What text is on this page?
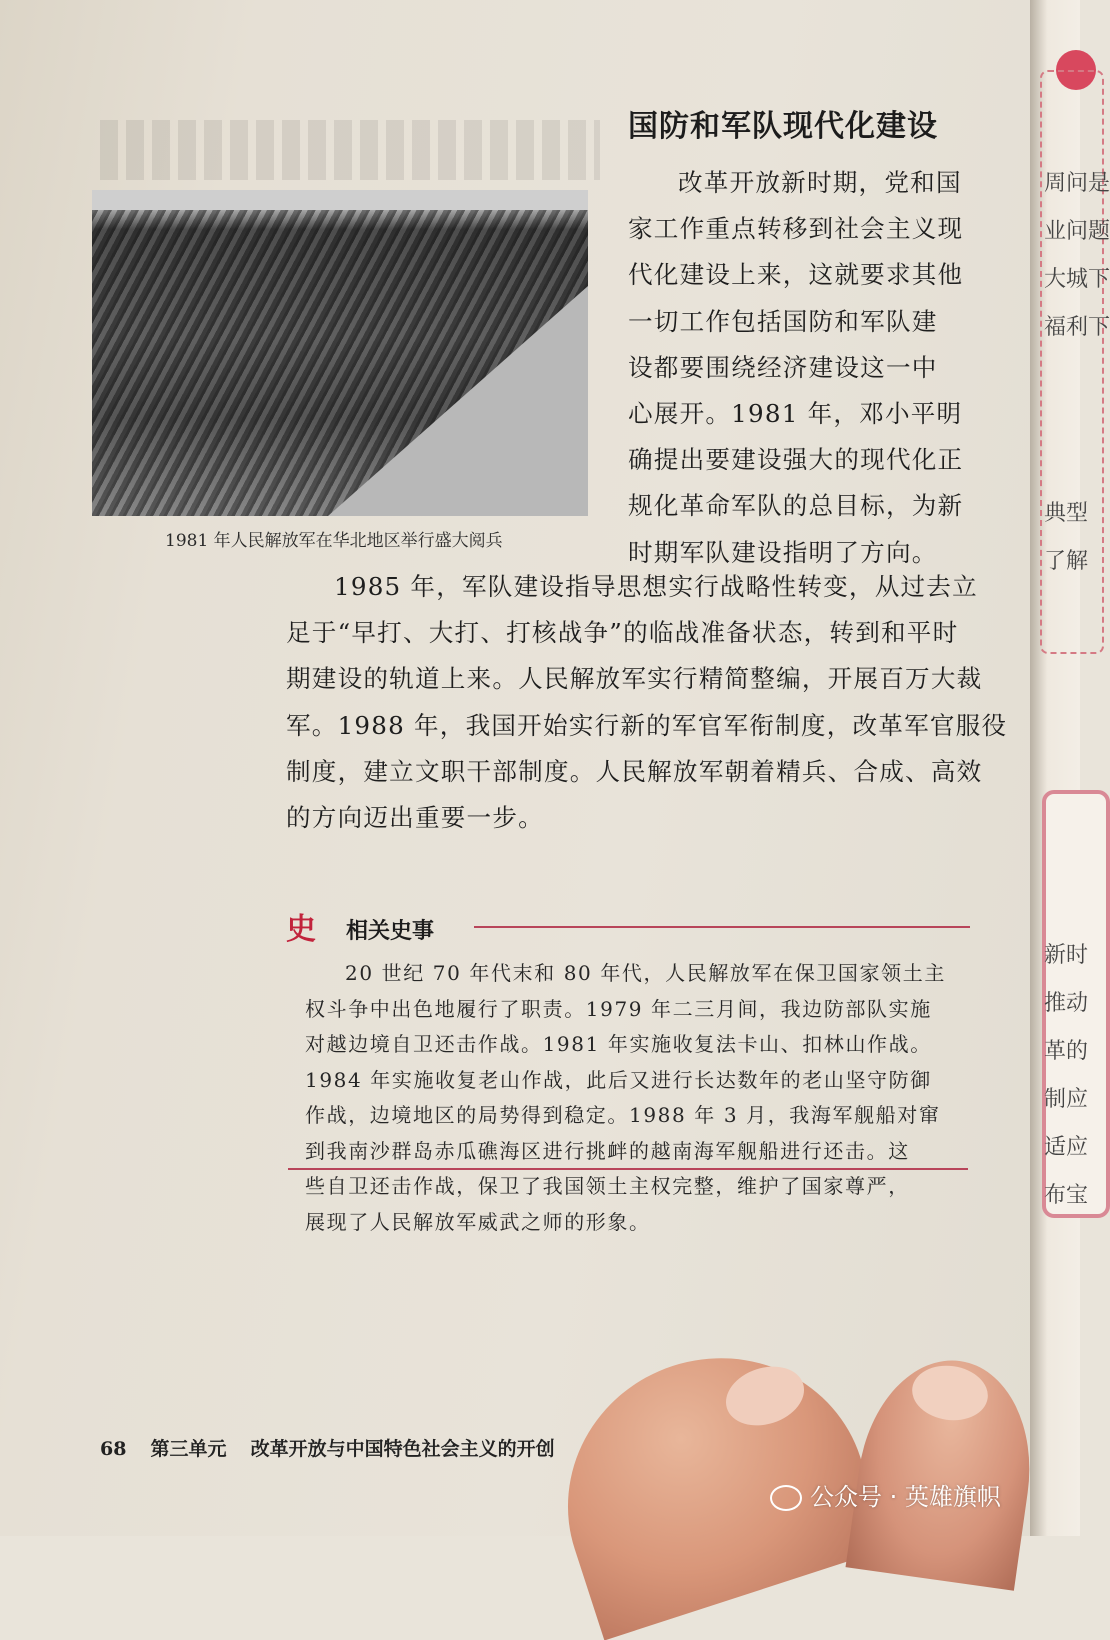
国防和军队现代化建设
1981 年人民解放军在华北地区举行盛大阅兵
改革开放新时期，党和国
家工作重点转移到社会主义现
代化建设上来，这就要求其他
一切工作包括国防和军队建
设都要围绕经济建设这一中
心展开。1981 年，邓小平明
确提出要建设强大的现代化正
规化革命军队的总目标，为新
时期军队建设指明了方向。
1985 年，军队建设指导思想实行战略性转变，从过去立
足于“早打、大打、打核战争”的临战准备状态，转到和平时
期建设的轨道上来。人民解放军实行精简整编，开展百万大裁
军。1988 年，我国开始实行新的军官军衔制度，改革军官服役
制度，建立文职干部制度。人民解放军朝着精兵、合成、高效
的方向迈出重要一步。
史	相关史事
20 世纪 70 年代末和 80 年代，人民解放军在保卫国家领土主
权斗争中出色地履行了职责。1979 年二三月间，我边防部队实施
对越边境自卫还击作战。1981 年实施收复法卡山、扣林山作战。
1984 年实施收复老山作战，此后又进行长达数年的老山坚守防御
作战，边境地区的局势得到稳定。1988 年 3 月，我海军舰船对窜
到我南沙群岛赤瓜礁海区进行挑衅的越南海军舰船进行还击。这
些自卫还击作战，保卫了我国领土主权完整，维护了国家尊严，
展现了人民解放军威武之师的形象。
68 第三单元 改革开放与中国特色社会主义的开创
公众号 · 英雄旗帜
周问是
业问题
大城下
福利下
典型
了解
新时
推动
革的
制应
适应
布宝
